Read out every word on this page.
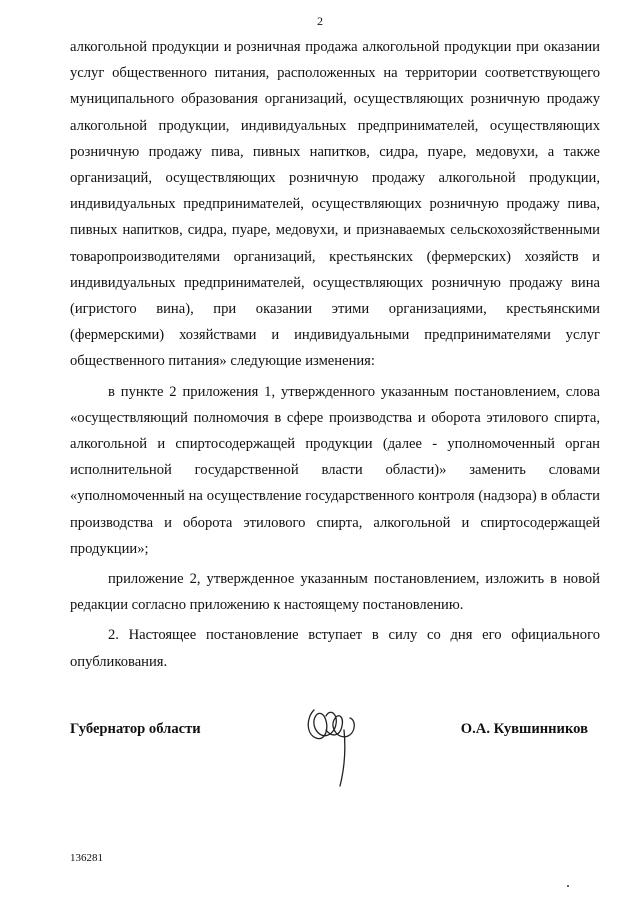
2

алкогольной продукции и розничная продажа алкогольной продукции при оказании услуг общественного питания, расположенных на территории соответствующего муниципального образования организаций, осуществляющих розничную продажу алкогольной продукции, индивидуальных предпринимателей, осуществляющих розничную продажу пива, пивных напитков, сидра, пуаре, медовухи, а также организаций, осуществляющих розничную продажу алкогольной продукции, индивидуальных предпринимателей, осуществляющих розничную продажу пива, пивных напитков, сидра, пуаре, медовухи, и признаваемых сельскохозяйственными товаропроизводителями организаций, крестьянских (фермерских) хозяйств и индивидуальных предпринимателей, осуществляющих розничную продажу вина (игристого вина), при оказании этими организациями, крестьянскими (фермерскими) хозяйствами и индивидуальными предпринимателями услуг общественного питания» следующие изменения:

в пункте 2 приложения 1, утвержденного указанным постановлением, слова «осуществляющий полномочия в сфере производства и оборота этилового спирта, алкогольной и спиртосодержащей продукции (далее - уполномоченный орган исполнительной государственной власти области)» заменить словами «уполномоченный на осуществление государственного контроля (надзора) в области производства и оборота этилового спирта, алкогольной и спиртосодержащей продукции»;

приложение 2, утвержденное указанным постановлением, изложить в новой редакции согласно приложению к настоящему постановлению.

2. Настоящее постановление вступает в силу со дня его официального опубликования.

Губернатор области	О.А. Кувшинников
136281
